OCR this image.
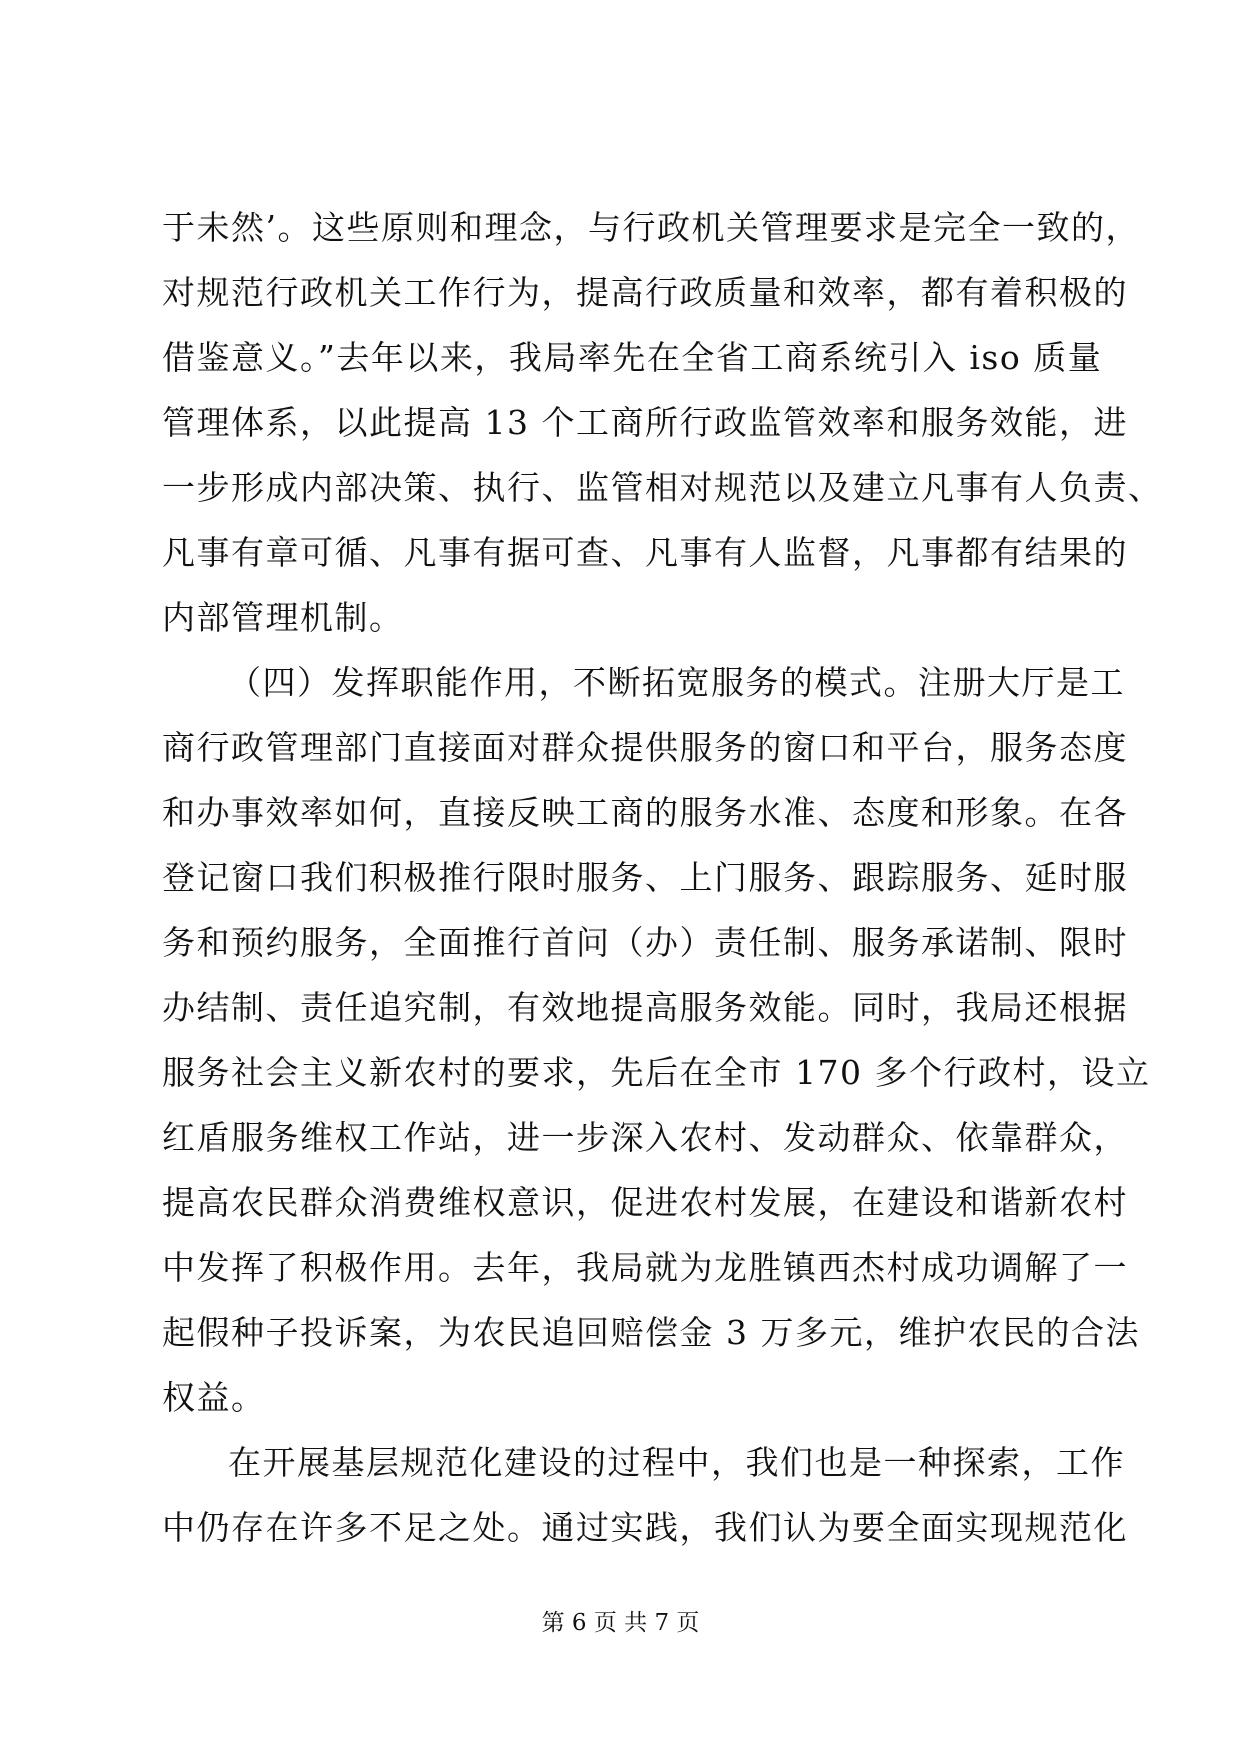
于未然’。这些原则和理念，与行政机关管理要求是完全一致的，
对规范行政机关工作行为，提高行政质量和效率，都有着积极的
借鉴意义。”去年以来，我局率先在全省工商系统引入 iso 质量
管理体系，以此提高 13 个工商所行政监管效率和服务效能，进
一步形成内部决策、执行、监管相对规范以及建立凡事有人负责、
凡事有章可循、凡事有据可查、凡事有人监督，凡事都有结果的
内部管理机制。
（四）发挥职能作用，不断拓宽服务的模式。注册大厅是工
商行政管理部门直接面对群众提供服务的窗口和平台，服务态度
和办事效率如何，直接反映工商的服务水准、态度和形象。在各
登记窗口我们积极推行限时服务、上门服务、跟踪服务、延时服
务和预约服务，全面推行首问（办）责任制、服务承诺制、限时
办结制、责任追究制，有效地提高服务效能。同时，我局还根据
服务社会主义新农村的要求，先后在全市 170 多个行政村，设立
红盾服务维权工作站，进一步深入农村、发动群众、依靠群众，
提高农民群众消费维权意识，促进农村发展，在建设和谐新农村
中发挥了积极作用。去年，我局就为龙胜镇西杰村成功调解了一
起假种子投诉案，为农民追回赔偿金 3 万多元，维护农民的合法
权益。
在开展基层规范化建设的过程中，我们也是一种探索，工作
中仍存在许多不足之处。通过实践，我们认为要全面实现规范化
第 6 页 共 7 页
